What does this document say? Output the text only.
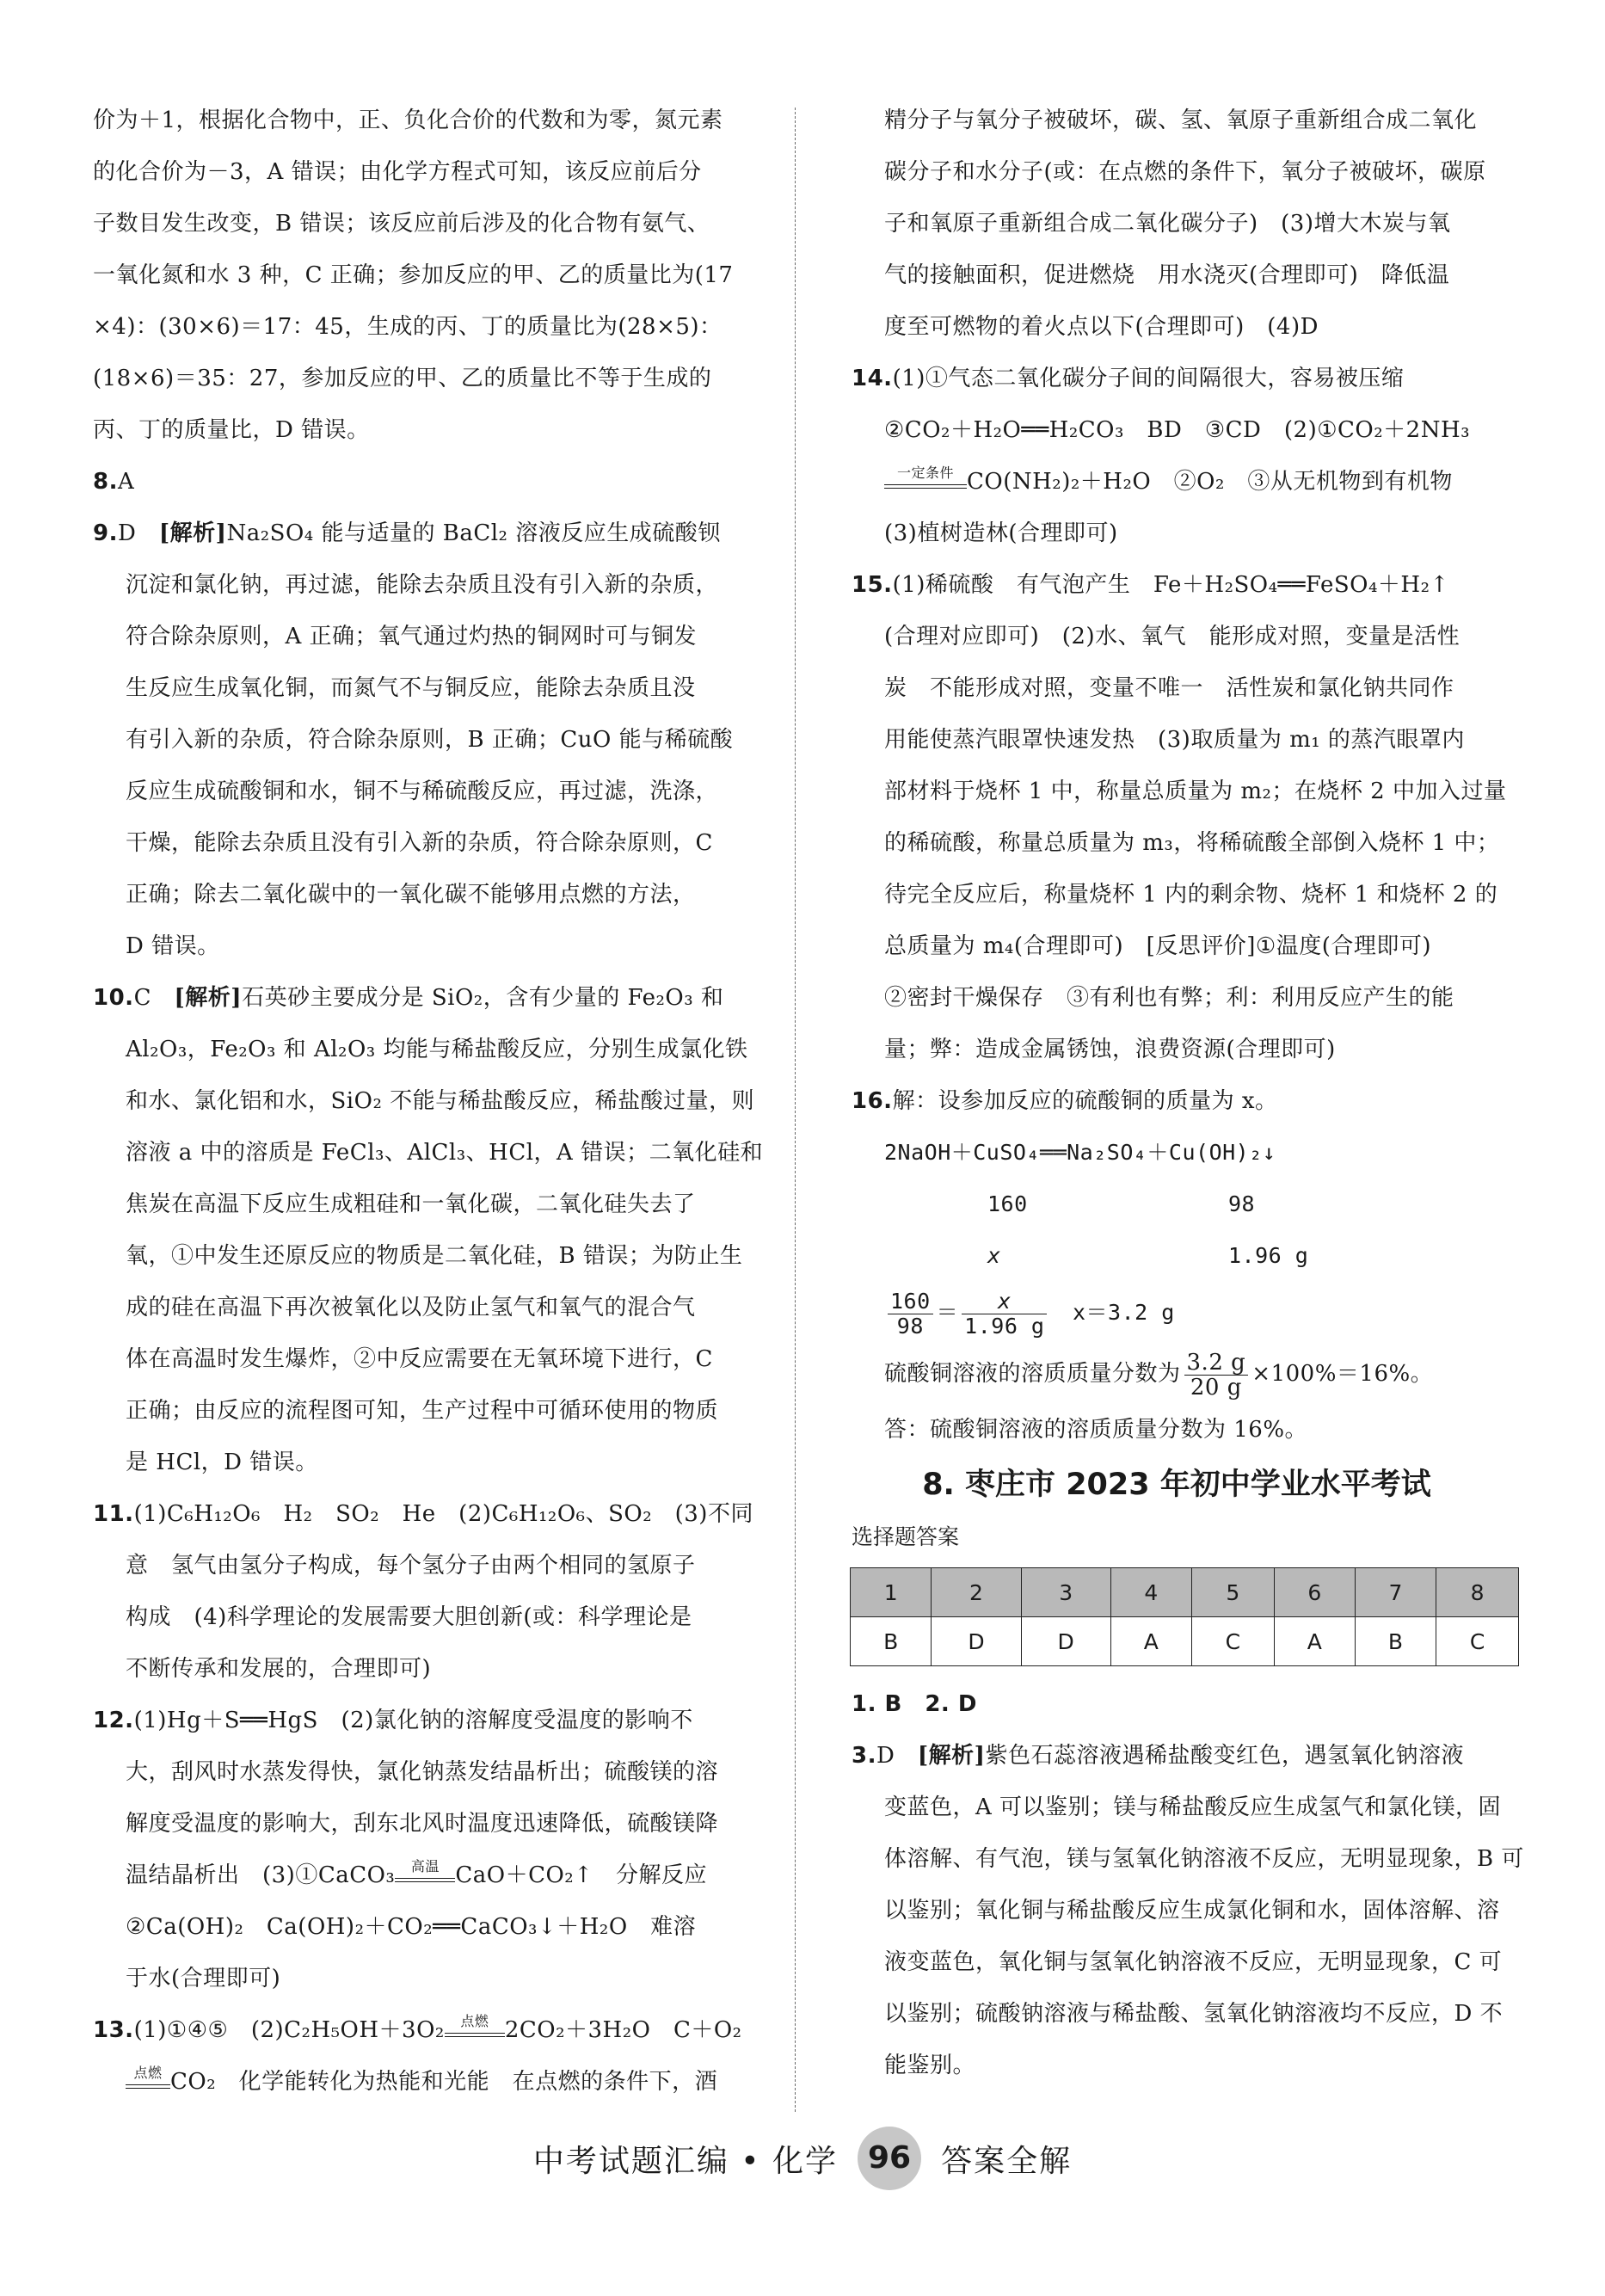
价为＋1，根据化合物中，正、负化合价的代数和为零，氮元素
的化合价为－3，A 错误；由化学方程式可知，该反应前后分
子数目发生改变，B 错误；该反应前后涉及的化合物有氨气、
一氧化氮和水 3 种，C 正确；参加反应的甲、乙的质量比为(17
×4)：(30×6)＝17：45，生成的丙、丁的质量比为(28×5)：
(18×6)＝35：27，参加反应的甲、乙的质量比不等于生成的
丙、丁的质量比，D 错误。
8.A
9.D　 [解析]Na₂SO₄ 能与适量的 BaCl₂ 溶液反应生成硫酸钡
沉淀和氯化钠，再过滤，能除去杂质且没有引入新的杂质，
符合除杂原则，A 正确；氧气通过灼热的铜网时可与铜发
生反应生成氧化铜，而氮气不与铜反应，能除去杂质且没
有引入新的杂质，符合除杂原则，B 正确；CuO 能与稀硫酸
反应生成硫酸铜和水，铜不与稀硫酸反应，再过滤，洗涤，
干燥，能除去杂质且没有引入新的杂质，符合除杂原则，C
正确；除去二氧化碳中的一氧化碳不能够用点燃的方法，
D 错误。
10.C　 [解析]石英砂主要成分是 SiO₂，含有少量的 Fe₂O₃ 和
Al₂O₃，Fe₂O₃ 和 Al₂O₃ 均能与稀盐酸反应，分别生成氯化铁
和水、氯化铝和水，SiO₂ 不能与稀盐酸反应，稀盐酸过量，则
溶液 a 中的溶质是 FeCl₃、AlCl₃、HCl，A 错误；二氧化硅和
焦炭在高温下反应生成粗硅和一氧化碳，二氧化硅失去了
氧，①中发生还原反应的物质是二氧化硅，B 错误；为防止生
成的硅在高温下再次被氧化以及防止氢气和氧气的混合气
体在高温时发生爆炸，②中反应需要在无氧环境下进行，C
正确；由反应的流程图可知，生产过程中可循环使用的物质
是 HCl，D 错误。
11.(1)C₆H₁₂O₆　H₂　SO₂　He　(2)C₆H₁₂O₆、SO₂　(3)不同
意　氢气由氢分子构成，每个氢分子由两个相同的氢原子
构成　(4)科学理论的发展需要大胆创新(或：科学理论是
不断传承和发展的，合理即可)
12.(1)Hg＋S══HgS　(2)氯化钠的溶解度受温度的影响不
大，刮风时水蒸发得快，氯化钠蒸发结晶析出；硫酸镁的溶
解度受温度的影响大，刮东北风时温度迅速降低，硫酸镁降
温结晶析出　(3)①CaCO₃	高温 CaO＋CO₂↑　分解反应
②Ca(OH)₂　Ca(OH)₂＋CO₂══CaCO₃↓＋H₂O　难溶
于水(合理即可)
13.(1)①④⑤　(2)C₂H₅OH＋3O₂	点燃 2CO₂＋3H₂O　C＋O₂
点燃 CO₂　化学能转化为热能和光能　在点燃的条件下，酒
精分子与氧分子被破坏，碳、氢、氧原子重新组合成二氧化
碳分子和水分子(或：在点燃的条件下，氧分子被破坏，碳原
子和氧原子重新组合成二氧化碳分子)　(3)增大木炭与氧
气的接触面积，促进燃烧　用水浇灭(合理即可)　降低温
度至可燃物的着火点以下(合理即可)　(4)D
14.(1)①气态二氧化碳分子间的间隔很大，容易被压缩
②CO₂＋H₂O══H₂CO₃　BD　③CD　(2)①CO₂＋2NH₃
一定条件 CO(NH₂)₂＋H₂O　②O₂　③从无机物到有机物
(3)植树造林(合理即可)
15.(1)稀硫酸　有气泡产生　Fe＋H₂SO₄══FeSO₄＋H₂↑
(合理对应即可)　(2)水、氧气　能形成对照，变量是活性
炭　不能形成对照，变量不唯一　活性炭和氯化钠共同作
用能使蒸汽眼罩快速发热　(3)取质量为 m₁ 的蒸汽眼罩内
部材料于烧杯 1 中，称量总质量为 m₂；在烧杯 2 中加入过量
的稀硫酸，称量总质量为 m₃，将稀硫酸全部倒入烧杯 1 中；
待完全反应后，称量烧杯 1 内的剩余物、烧杯 1 和烧杯 2 的
总质量为 m₄(合理即可)　[反思评价]①温度(合理即可)
②密封干燥保存　③有利也有弊；利：利用反应产生的能
量；弊：造成金属锈蚀，浪费资源(合理即可)
16.解：设参加反应的硫酸铜的质量为 x。
2NaOH＋CuSO₄══Na₂SO₄＋Cu(OH)₂↓
160	98
x	1.96 g
$\frac{160}{98} = \frac{x}{1.96 g}$
　 x＝3.2 g
硫酸铜溶液的溶质质量分数为 $\frac{3.2 g}{20 g} \times 100\%=16\%$。
答：硫酸铜溶液的溶质质量分数为 16%。
8. 枣庄市 2023 年初中学业水平考试
选择题答案
1	2	3	4	5	6	7	8
B	D	D	A	C	A	B	C
1. B　2. D
3.D　 [解析]紫色石蕊溶液遇稀盐酸变红色，遇氢氧化钠溶液
变蓝色，A 可以鉴别；镁与稀盐酸反应生成氢气和氯化镁，固
体溶解、有气泡，镁与氢氧化钠溶液不反应，无明显现象，B 可
以鉴别；氧化铜与稀盐酸反应生成氯化铜和水，固体溶解、溶
液变蓝色，氧化铜与氢氧化钠溶液不反应，无明显现象，C 可
以鉴别；硫酸钠溶液与稀盐酸、氢氧化钠溶液均不反应，D 不
能鉴别。
中考试题汇编 • 化学 96 答案全解
